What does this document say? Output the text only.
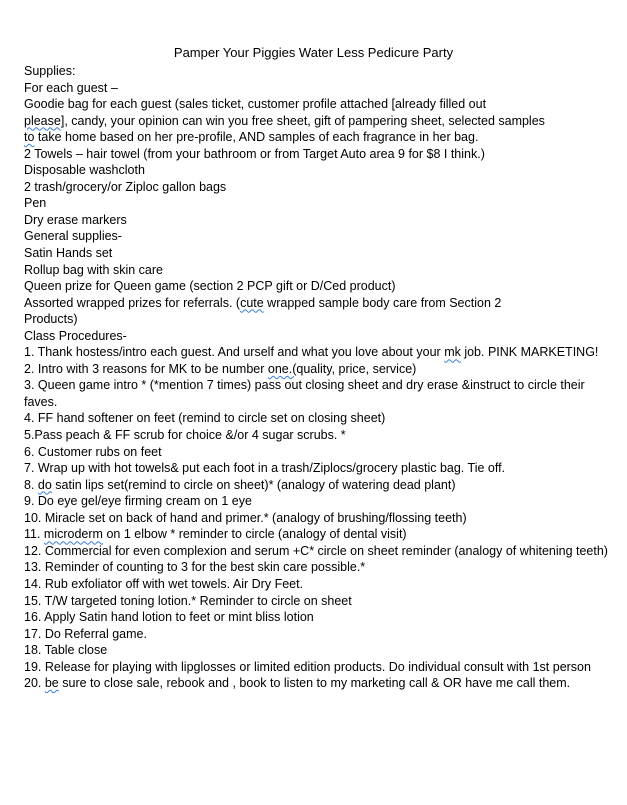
Pamper Your Piggies Water Less Pedicure Party
Supplies:
For each guest –
Goodie bag for each guest (sales ticket, customer profile attached [already filled out
please], candy, your opinion can win you free sheet, gift of pampering sheet, selected samples
to take home based on her pre-profile, AND samples of each fragrance in her bag.
2 Towels – hair towel (from your bathroom or from Target Auto area 9 for $8 I think.)
Disposable washcloth
2 trash/grocery/or Ziploc gallon bags
Pen
Dry erase markers
General supplies-
Satin Hands set
Rollup bag with skin care
Queen prize for Queen game (section 2 PCP gift or D/Ced product)
Assorted wrapped prizes for referrals. (cute wrapped sample body care from Section 2
Products)
Class Procedures-
1. Thank hostess/intro each guest. And urself and what you love about your mk job. PINK MARKETING!
2. Intro with 3 reasons for MK to be number one.(quality, price, service)
3. Queen game intro * (*mention 7 times) pass out closing sheet and dry erase &instruct to circle their
faves.
4. FF hand softener on feet (remind to circle set on closing sheet)
5.Pass peach & FF scrub for choice &/or 4 sugar scrubs. *
6. Customer rubs on feet
7. Wrap up with hot towels& put each foot in a trash/Ziplocs/grocery plastic bag. Tie off.
8. do satin lips set(remind to circle on sheet)* (analogy of watering dead plant)
9. Do eye gel/eye firming cream on 1 eye
10. Miracle set on back of hand and primer.* (analogy of brushing/flossing teeth)
11. microderm on 1 elbow * reminder to circle (analogy of dental visit)
12. Commercial for even complexion and serum +C* circle on sheet reminder (analogy of whitening teeth)
13. Reminder of counting to 3 for the best skin care possible.*
14. Rub exfoliator off with wet towels. Air Dry Feet.
15. T/W targeted toning lotion.* Reminder to circle on sheet
16. Apply Satin hand lotion to feet or mint bliss lotion
17. Do Referral game.
18. Table close
19. Release for playing with lipglosses or limited edition products. Do individual consult with 1st person
20. be sure to close sale, rebook and , book to listen to my marketing call & OR have me call them.
